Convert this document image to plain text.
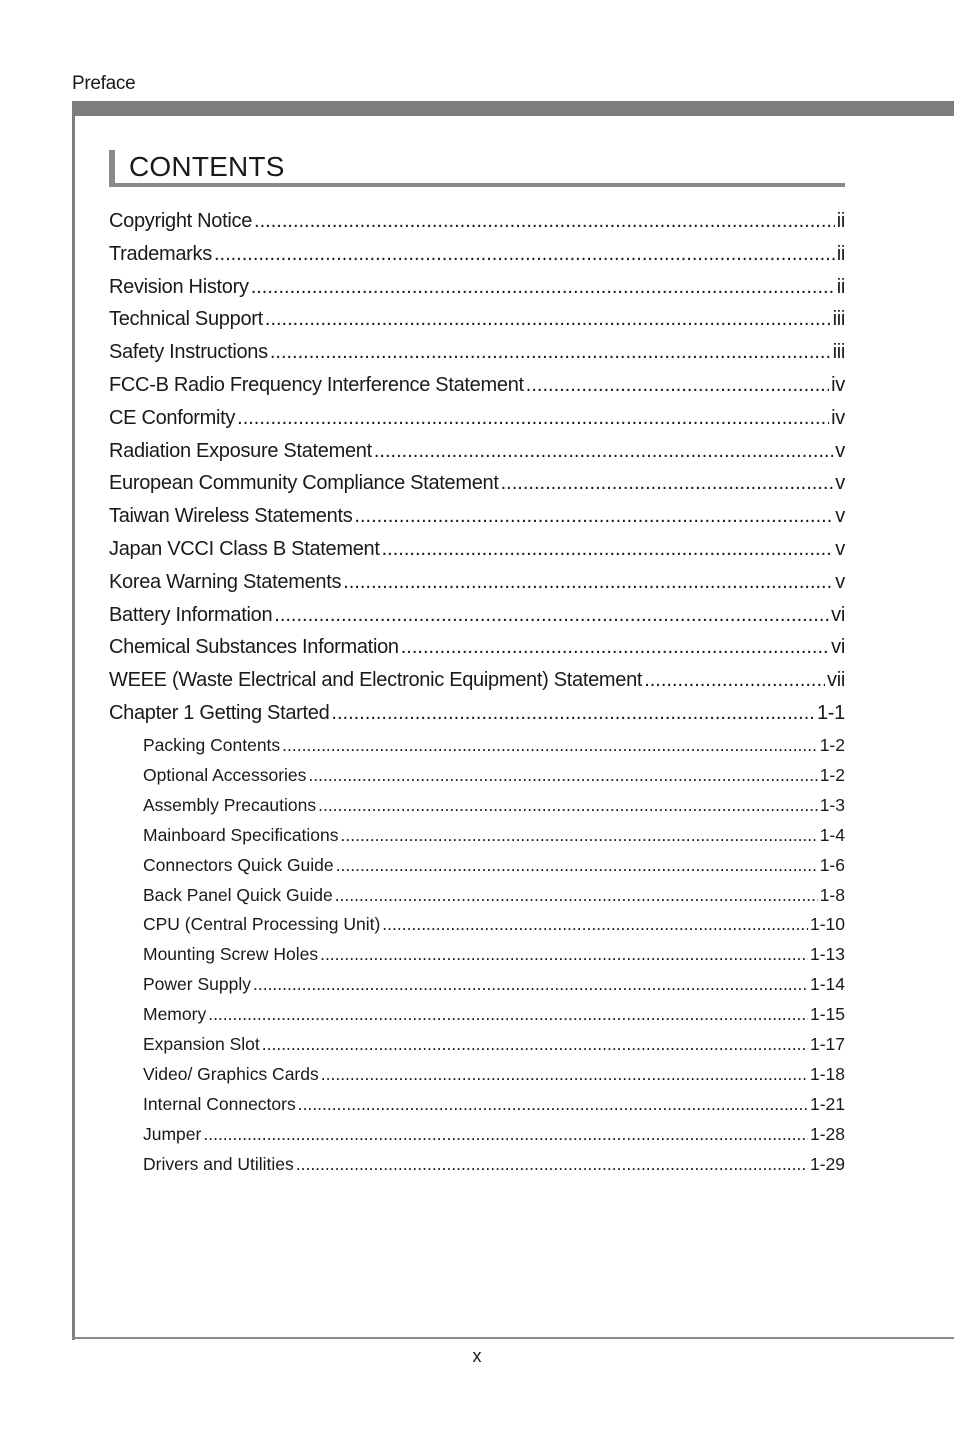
Preface
CONTENTS
Copyright Notice .....	ii
Trademarks .....	ii
Revision History .....	ii
Technical Support .....	iii
Safety Instructions .....	iii
FCC-B Radio Frequency Interference Statement .....	iv
CE Conformity .....	iv
Radiation Exposure Statement .....	v
European Community Compliance Statement .....	v
Taiwan Wireless Statements .....	v
Japan VCCI Class B Statement .....	v
Korea Warning Statements .....	v
Battery Information .....	vi
Chemical Substances Information .....	vi
WEEE (Waste Electrical and Electronic Equipment) Statement .....	vii
Chapter 1 Getting Started .....	1-1
Packing Contents .....	1-2
Optional Accessories .....	1-2
Assembly Precautions .....	1-3
Mainboard Specifications .....	1-4
Connectors Quick Guide .....	1-6
Back Panel Quick Guide .....	1-8
CPU (Central Processing Unit) .....	1-10
Mounting Screw Holes .....	1-13
Power Supply .....	1-14
Memory .....	1-15
Expansion Slot .....	1-17
Video/ Graphics Cards .....	1-18
Internal Connectors .....	1-21
Jumper .....	1-28
Drivers and Utilities .....	1-29
x
